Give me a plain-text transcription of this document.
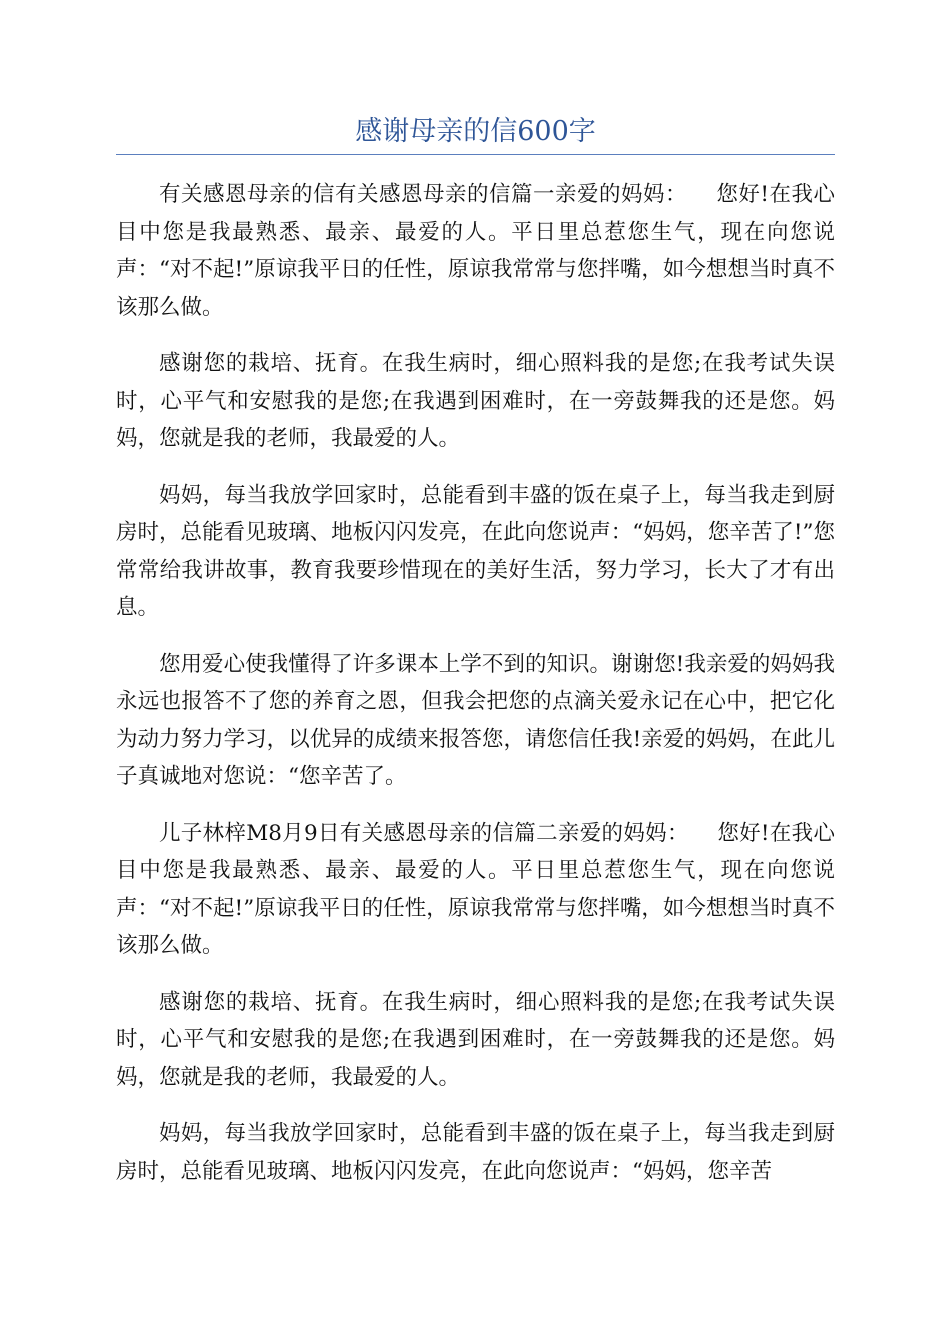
感谢母亲的信600字

有关感恩母亲的信有关感恩母亲的信篇一亲爱的妈妈：    您好!在我心目中您是我最熟悉、最亲、最爱的人。平日里总惹您生气，现在向您说声：“对不起!”原谅我平日的任性，原谅我常常与您拌嘴，如今想想当时真不该那么做。

感谢您的栽培、抚育。在我生病时，细心照料我的是您;在我考试失误时，心平气和安慰我的是您;在我遇到困难时，在一旁鼓舞我的还是您。妈妈，您就是我的老师，我最爱的人。

妈妈，每当我放学回家时，总能看到丰盛的饭在桌子上，每当我走到厨房时，总能看见玻璃、地板闪闪发亮，在此向您说声：“妈妈，您辛苦了!”您常常给我讲故事，教育我要珍惜现在的美好生活，努力学习，长大了才有出息。

您用爱心使我懂得了许多课本上学不到的知识。谢谢您!我亲爱的妈妈我永远也报答不了您的养育之恩，但我会把您的点滴关爱永记在心中，把它化为动力努力学习，以优异的成绩来报答您，请您信任我!亲爱的妈妈，在此儿子真诚地对您说：“您辛苦了。

儿子林梓M8月9日有关感恩母亲的信篇二亲爱的妈妈：    您好!在我心目中您是我最熟悉、最亲、最爱的人。平日里总惹您生气，现在向您说声：“对不起!”原谅我平日的任性，原谅我常常与您拌嘴，如今想想当时真不该那么做。

感谢您的栽培、抚育。在我生病时，细心照料我的是您;在我考试失误时，心平气和安慰我的是您;在我遇到困难时，在一旁鼓舞我的还是您。妈妈，您就是我的老师，我最爱的人。

妈妈，每当我放学回家时，总能看到丰盛的饭在桌子上，每当我走到厨房时，总能看见玻璃、地板闪闪发亮，在此向您说声：“妈妈，您辛苦
